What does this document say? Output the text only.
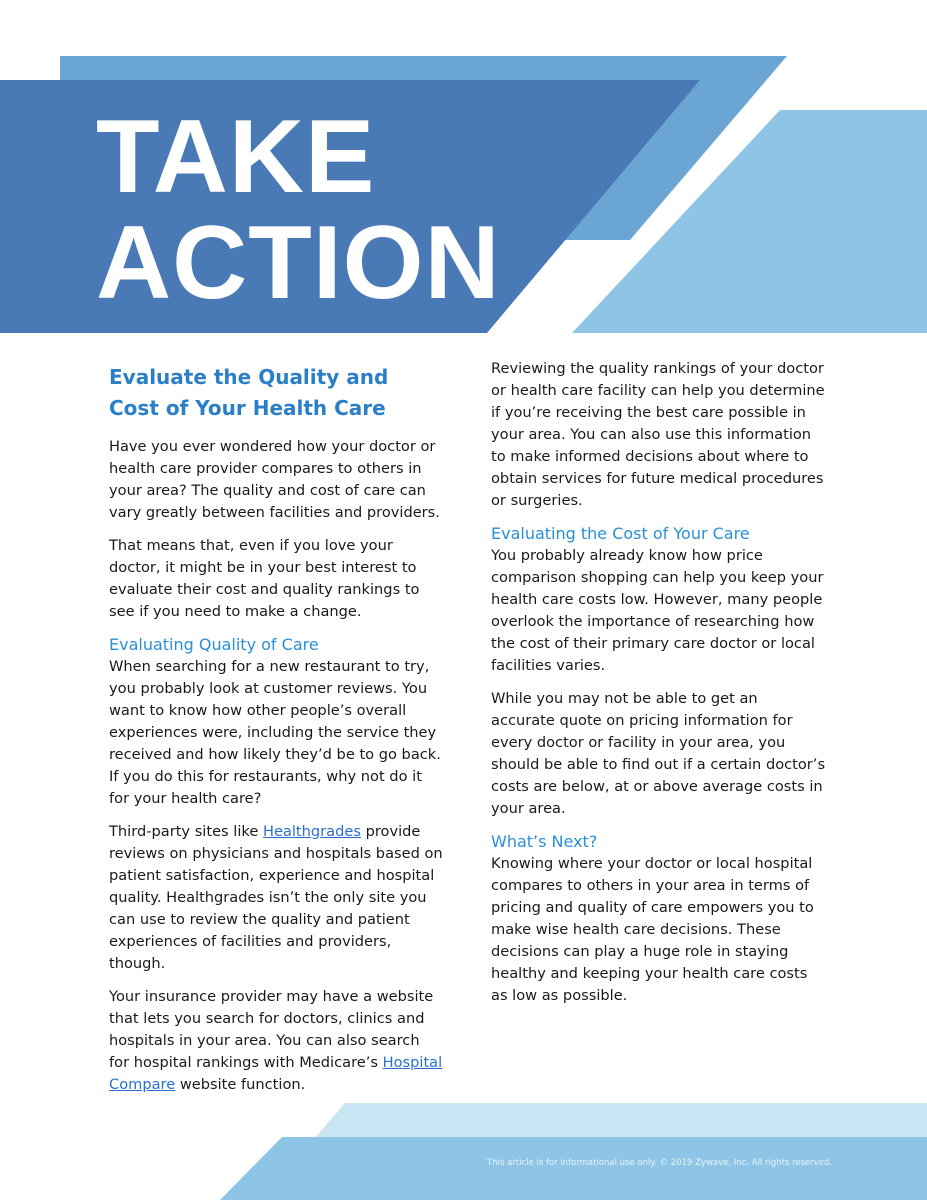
TAKE
ACTION
Evaluate the Quality and Cost of Your Health Care

Have you ever wondered how your doctor or health care provider compares to others in your area? The quality and cost of care can vary greatly between facilities and providers.

That means that, even if you love your doctor, it might be in your best interest to evaluate their cost and quality rankings to see if you need to make a change.

Evaluating Quality of Care

When searching for a new restaurant to try, you probably look at customer reviews. You want to know how other people’s overall experiences were, including the service they received and how likely they’d be to go back. If you do this for restaurants, why not do it for your health care?

Third-party sites like Healthgrades provide reviews on physicians and hospitals based on patient satisfaction, experience and hospital quality. Healthgrades isn’t the only site you can use to review the quality and patient experiences of facilities and providers, though.

Your insurance provider may have a website that lets you search for doctors, clinics and hospitals in your area. You can also search for hospital rankings with Medicare’s Hospital Compare website function.

Reviewing the quality rankings of your doctor or health care facility can help you determine if you’re receiving the best care possible in your area. You can also use this information to make informed decisions about where to obtain services for future medical procedures or surgeries.

Evaluating the Cost of Your Care

You probably already know how price comparison shopping can help you keep your health care costs low. However, many people overlook the importance of researching how the cost of their primary care doctor or local facilities varies.

While you may not be able to get an accurate quote on pricing information for every doctor or facility in your area, you should be able to find out if a certain doctor’s costs are below, at or above average costs in your area.

What’s Next?

Knowing where your doctor or local hospital compares to others in your area in terms of pricing and quality of care empowers you to make wise health care decisions. These decisions can play a huge role in staying healthy and keeping your health care costs as low as possible.

This article is for informational use only. © 2019 Zywave, Inc. All rights reserved.
